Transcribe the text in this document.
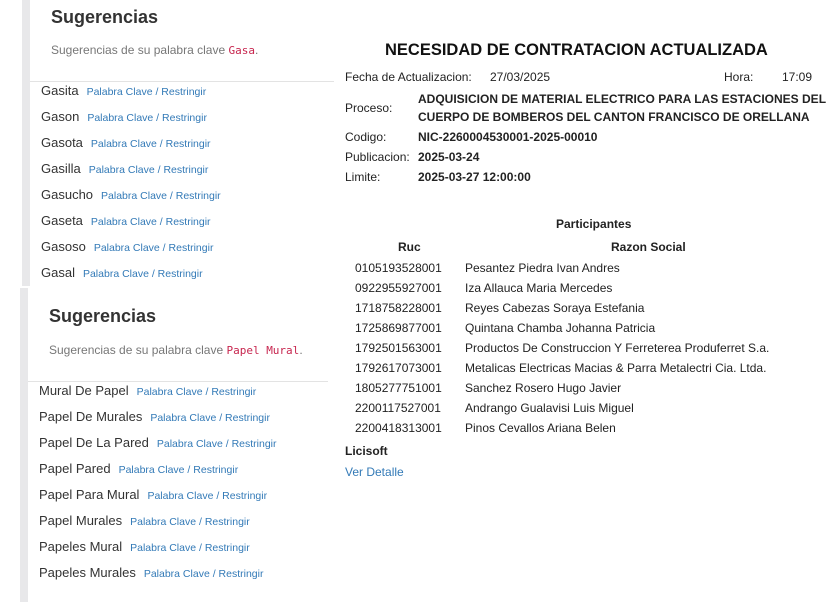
Sugerencias
Sugerencias de su palabra clave Gasa.
Gasita Palabra Clave / Restringir
Gason Palabra Clave / Restringir
Gasota Palabra Clave / Restringir
Gasilla Palabra Clave / Restringir
Gasucho Palabra Clave / Restringir
Gaseta Palabra Clave / Restringir
Gasoso Palabra Clave / Restringir
Gasal Palabra Clave / Restringir
Sugerencias
Sugerencias de su palabra clave Papel Mural.
Mural De Papel Palabra Clave / Restringir
Papel De Murales Palabra Clave / Restringir
Papel De La Pared Palabra Clave / Restringir
Papel Pared Palabra Clave / Restringir
Papel Para Mural Palabra Clave / Restringir
Papel Murales Palabra Clave / Restringir
Papeles Mural Palabra Clave / Restringir
Papeles Murales Palabra Clave / Restringir
NECESIDAD DE CONTRATACION ACTUALIZADA
Fecha de Actualizacion: 27/03/2025	Hora: 17:09
Proceso:
ADQUISICION DE MATERIAL ELECTRICO PARA LAS ESTACIONES DEL
CUERPO DE BOMBEROS DEL CANTON FRANCISCO DE ORELLANA
Codigo:	NIC-2260004530001-2025-00010
Publicacion: 2025-03-24
Limite:	2025-03-27 12:00:00
Participantes
Ruc	Razon Social
0105193528001 Pesantez Piedra Ivan Andres
0922955927001 Iza Allauca Maria Mercedes
1718758228001 Reyes Cabezas Soraya Estefania
1725869877001 Quintana Chamba Johanna Patricia
1792501563001 Productos De Construccion Y Ferreterea Produferret S.a.
1792617073001 Metalicas Electricas Macias & Parra Metalectri Cia. Ltda.
1805277751001 Sanchez Rosero Hugo Javier
2200117527001 Andrango Gualavisi Luis Miguel
2200418313001 Pinos Cevallos Ariana Belen
Licisoft
Ver Detalle
